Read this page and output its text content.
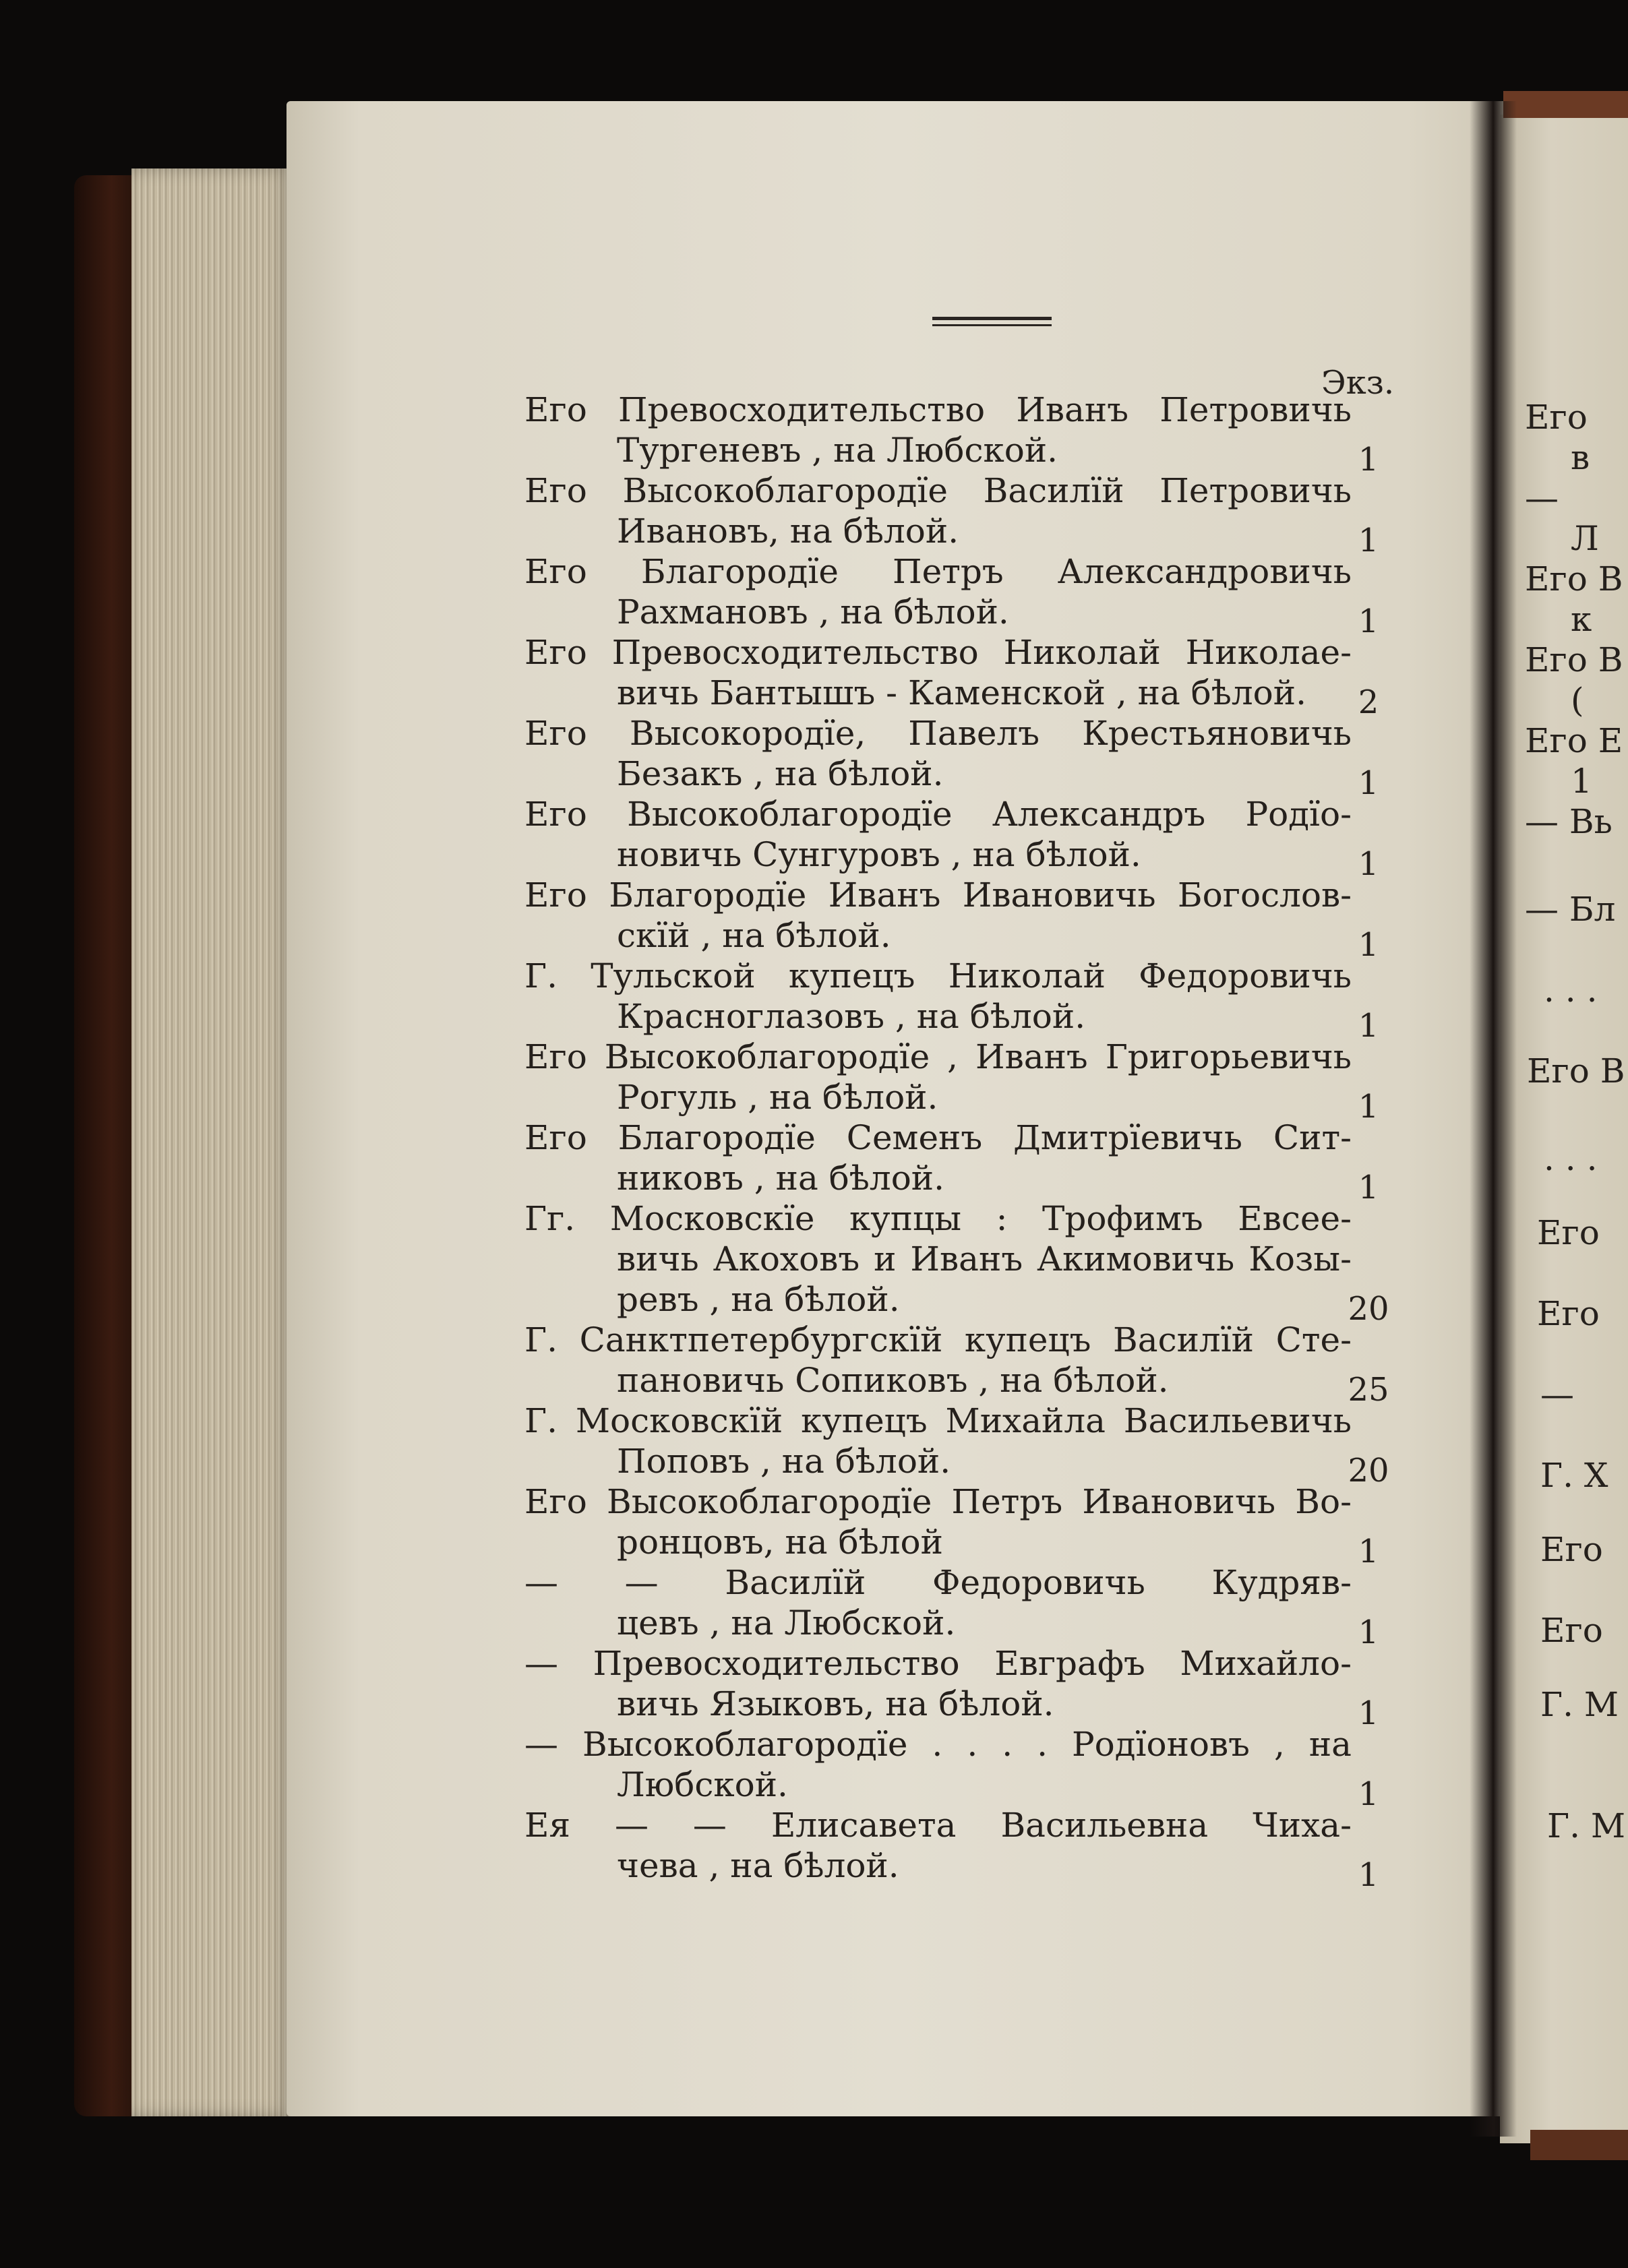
Экз.
Его Превосходительство Иванъ Петровичь
Тургеневъ , на Любской.	1
Его Высокоблагородїе Василїй Петровичь
Ивановъ, на бѣлой.	1
Его Благородїе Петръ Александровичь
Рахмановъ , на бѣлой.	1
Его Превосходительство Николай Николае-
вичь Бантышъ - Каменской , на бѣлой.	2
Его Высокородїе, Павелъ Крестьяновичь
Безакъ , на бѣлой.	1
Его Высокоблагородїе Александръ Родїо-
новичь Сунгуровъ , на бѣлой.	1
Его Благородїе Иванъ Ивановичь Богослов-
скїй , на бѣлой.	1
Г. Тульской купецъ Николай Федоровичь
Красноглазовъ , на бѣлой.	1
Его Высокоблагородїе , Иванъ Григорьевичь
Рогуль , на бѣлой.	1
Его Благородїе Семенъ Дмитрїевичь Сит-
никовъ , на бѣлой.	1
Гг. Московскїе купцы : Трофимъ Евсее-
вичь Акоховъ и Иванъ Акимовичь Козы-
ревъ , на бѣлой.	20
Г. Санктпетербургскїй купецъ Василїй Сте-
пановичь Сопиковъ , на бѣлой.	25
Г. Московскїй купецъ Михайла Васильевичь
Поповъ , на бѣлой.	20
Его Высокоблагородїе Петръ Ивановичь Во-
ронцовъ, на бѣлой	1
— — Василїй Федоровичь Кудряв-
цевъ , на Любской.	1
— Превосходительство Евграфъ Михайло-
вичь Языковъ, на бѣлой.	1
— Высокоблагородїе . . . . Родїоновъ , на
Любской.	1
Ея — — Елисавета Васильевна Чиха-
чева , на бѣлой.	1
Его
в
—
Л
Его В
к
Его В
(
Его Е
1
— Вь
— Бл
. . .
Его В
. . .
Его
Его
—
Г. Х
Его
Его
Г. М
Г. М
